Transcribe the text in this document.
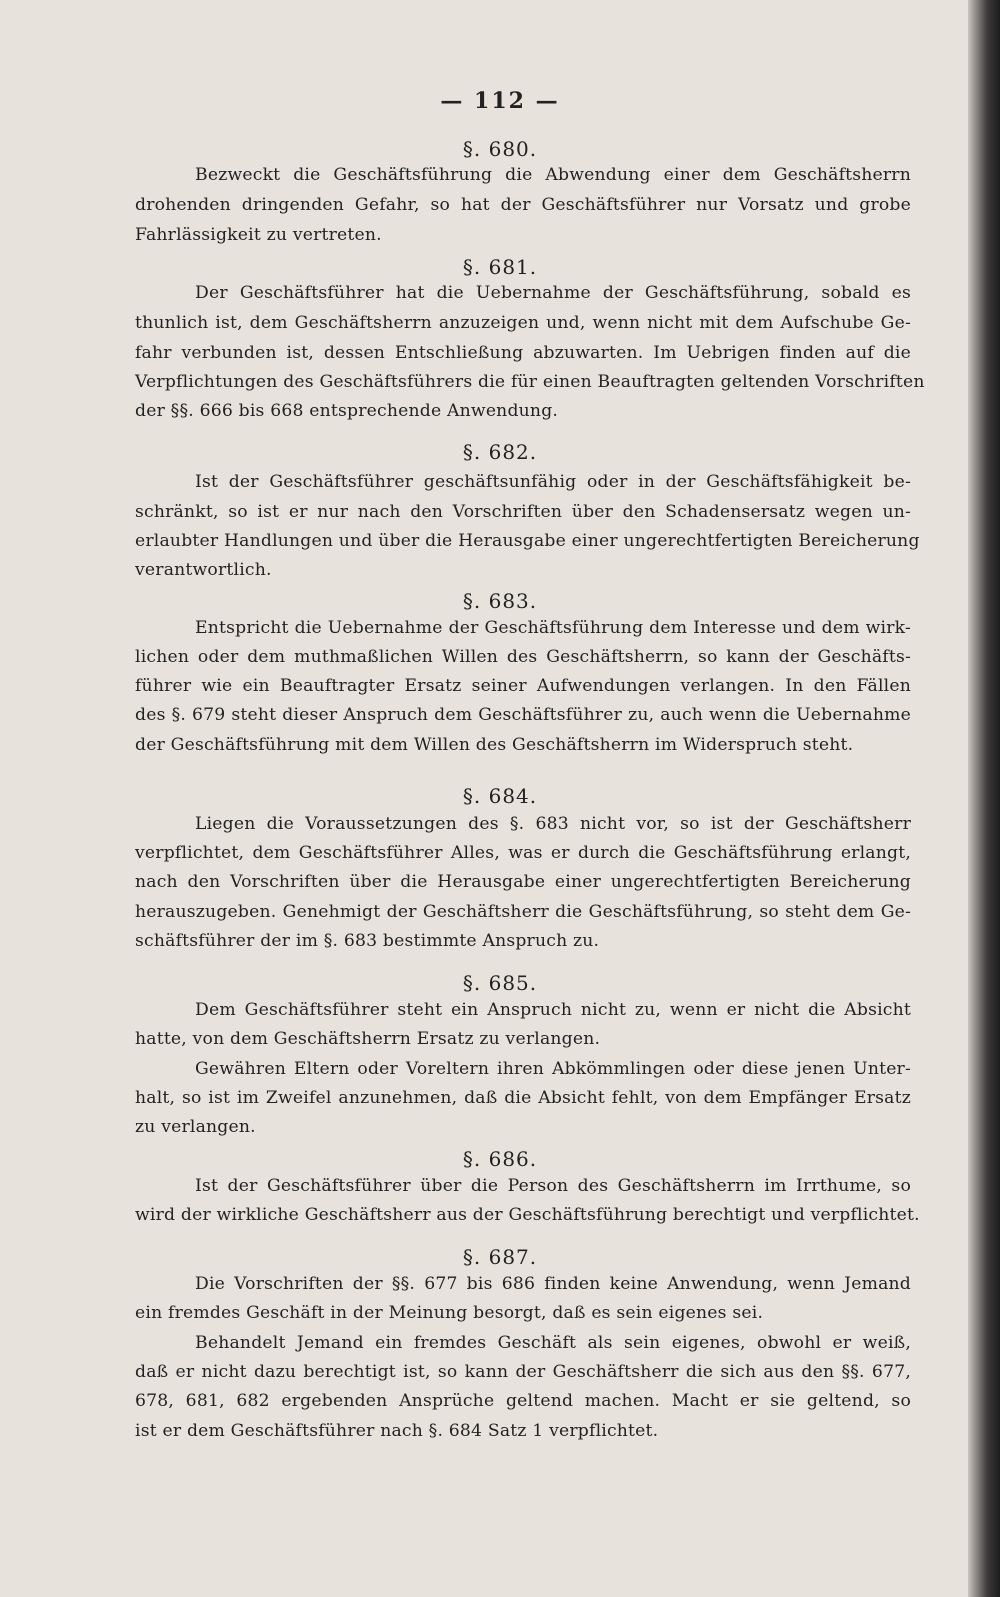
— 112 —
§. 680.
Bezweckt die Geschäftsführung die Abwendung einer dem Geschäftsherrn
drohenden dringenden Gefahr, so hat der Geschäftsführer nur Vorsatz und grobe
Fahrlässigkeit zu vertreten.
§. 681.
Der Geschäftsführer hat die Uebernahme der Geschäftsführung, sobald es
thunlich ist, dem Geschäftsherrn anzuzeigen und, wenn nicht mit dem Aufschube Ge-
fahr verbunden ist, dessen Entschließung abzuwarten. Im Uebrigen finden auf die
Verpflichtungen des Geschäftsführers die für einen Beauftragten geltenden Vorschriften
der §§. 666 bis 668 entsprechende Anwendung.
§. 682.
Ist der Geschäftsführer geschäftsunfähig oder in der Geschäftsfähigkeit be-
schränkt, so ist er nur nach den Vorschriften über den Schadensersatz wegen un-
erlaubter Handlungen und über die Herausgabe einer ungerechtfertigten Bereicherung
verantwortlich.
§. 683.
Entspricht die Uebernahme der Geschäftsführung dem Interesse und dem wirk-
lichen oder dem muthmaßlichen Willen des Geschäftsherrn, so kann der Geschäfts-
führer wie ein Beauftragter Ersatz seiner Aufwendungen verlangen. In den Fällen
des §. 679 steht dieser Anspruch dem Geschäftsführer zu, auch wenn die Uebernahme
der Geschäftsführung mit dem Willen des Geschäftsherrn im Widerspruch steht.
§. 684.
Liegen die Voraussetzungen des §. 683 nicht vor, so ist der Geschäftsherr
verpflichtet, dem Geschäftsführer Alles, was er durch die Geschäftsführung erlangt,
nach den Vorschriften über die Herausgabe einer ungerechtfertigten Bereicherung
herauszugeben. Genehmigt der Geschäftsherr die Geschäftsführung, so steht dem Ge-
schäftsführer der im §. 683 bestimmte Anspruch zu.
§. 685.
Dem Geschäftsführer steht ein Anspruch nicht zu, wenn er nicht die Absicht
hatte, von dem Geschäftsherrn Ersatz zu verlangen.
Gewähren Eltern oder Voreltern ihren Abkömmlingen oder diese jenen Unter-
halt, so ist im Zweifel anzunehmen, daß die Absicht fehlt, von dem Empfänger Ersatz
zu verlangen.
§. 686.
Ist der Geschäftsführer über die Person des Geschäftsherrn im Irrthume, so
wird der wirkliche Geschäftsherr aus der Geschäftsführung berechtigt und verpflichtet.
§. 687.
Die Vorschriften der §§. 677 bis 686 finden keine Anwendung, wenn Jemand
ein fremdes Geschäft in der Meinung besorgt, daß es sein eigenes sei.
Behandelt Jemand ein fremdes Geschäft als sein eigenes, obwohl er weiß,
daß er nicht dazu berechtigt ist, so kann der Geschäftsherr die sich aus den §§. 677,
678, 681, 682 ergebenden Ansprüche geltend machen. Macht er sie geltend, so
ist er dem Geschäftsführer nach §. 684 Satz 1 verpflichtet.
